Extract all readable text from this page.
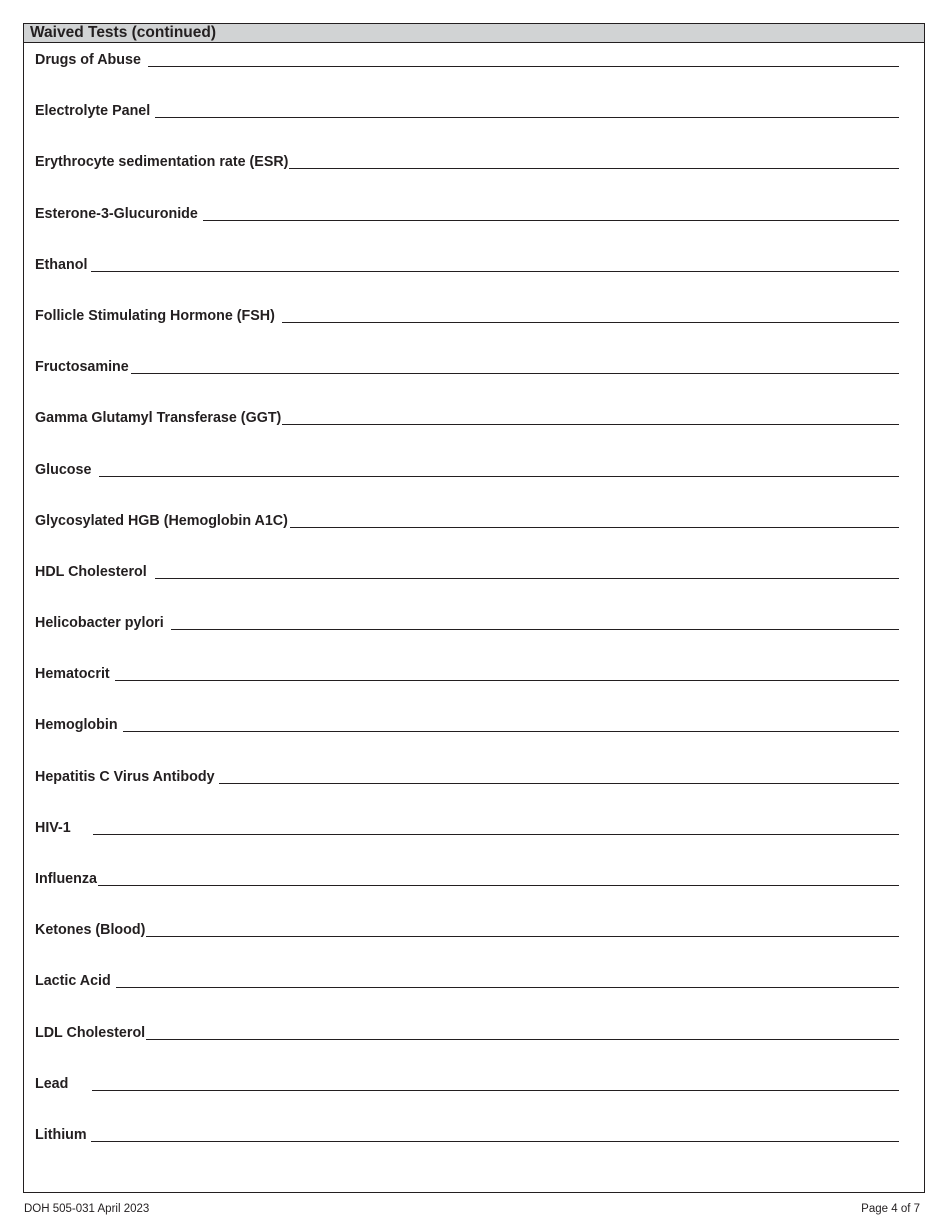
Waived Tests (continued)
Drugs of Abuse
Electrolyte Panel
Erythrocyte sedimentation rate (ESR)
Esterone-3-Glucuronide
Ethanol
Follicle Stimulating Hormone (FSH)
Fructosamine
Gamma Glutamyl Transferase (GGT)
Glucose
Glycosylated HGB (Hemoglobin A1C)
HDL Cholesterol
Helicobacter pylori
Hematocrit
Hemoglobin
Hepatitis C Virus Antibody
HIV-1
Influenza
Ketones (Blood)
Lactic Acid
LDL Cholesterol
Lead
Lithium
DOH 505-031 April 2023	Page 4 of 7
